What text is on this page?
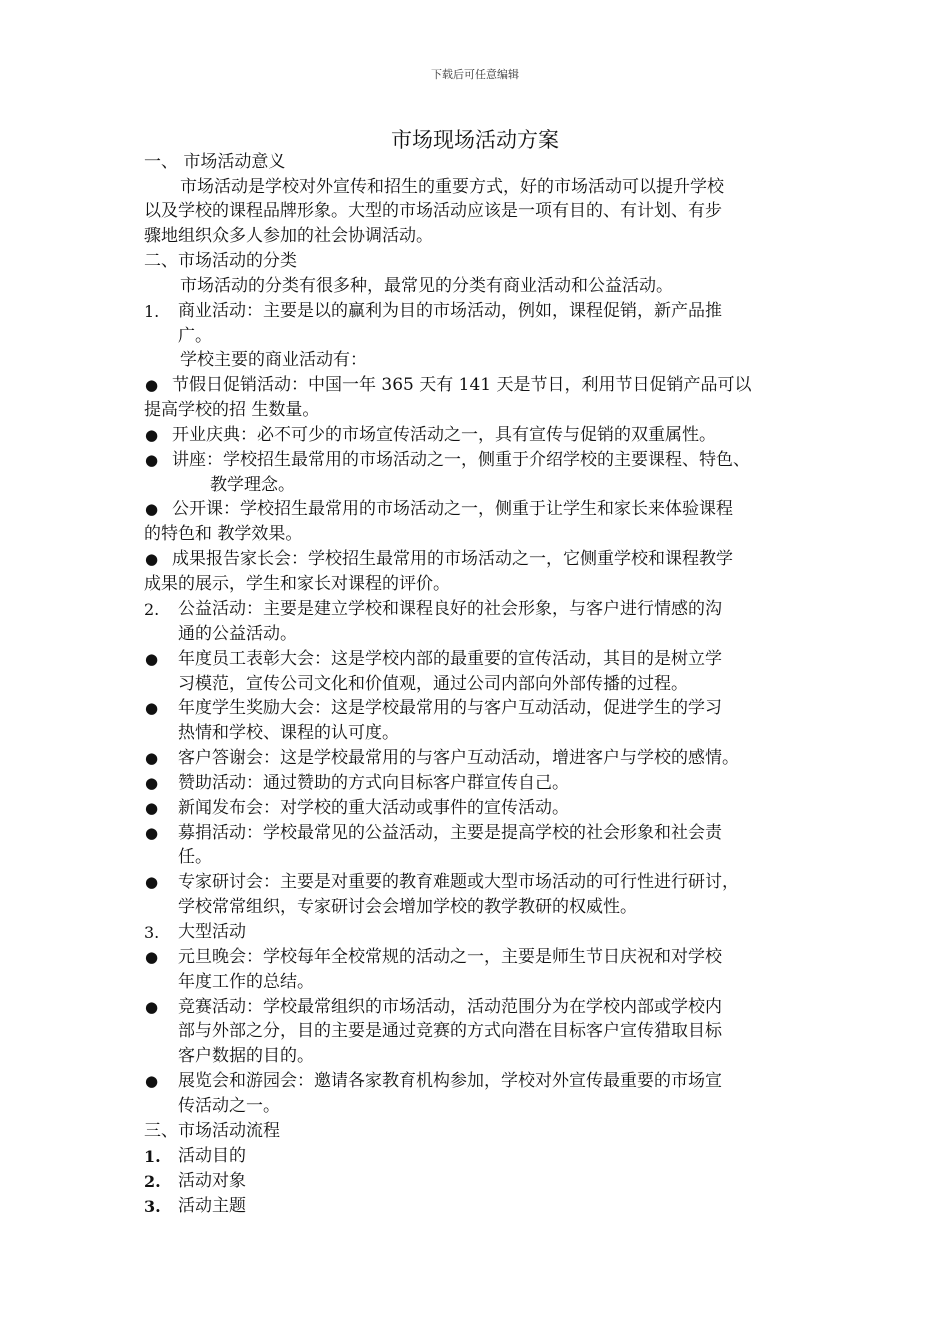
下载后可任意编辑
市场现场活动方案
一、 市场活动意义
市场活动是学校对外宣传和招生的重要方式，好的市场活动可以提升学校
以及学校的课程品牌形象。大型的市场活动应该是一项有目的、有计划、有步
骤地组织众多人参加的社会协调活动。
二、市场活动的分类
市场活动的分类有很多种，最常见的分类有商业活动和公益活动。
1. 商业活动：主要是以的赢利为目的市场活动，例如，课程促销，新产品推
广。
学校主要的商业活动有：
● 节假日促销活动：中国一年 365 天有 141 天是节日，利用节日促销产品可以
提高学校的招 生数量。
● 开业庆典：必不可少的市场宣传活动之一，具有宣传与促销的双重属性。
● 讲座：学校招生最常用的市场活动之一，侧重于介绍学校的主要课程、特色、
教学理念。
● 公开课：学校招生最常用的市场活动之一，侧重于让学生和家长来体验课程
的特色和 教学效果。
● 成果报告家长会：学校招生最常用的市场活动之一，它侧重学校和课程教学
成果的展示，学生和家长对课程的评价。
2. 公益活动：主要是建立学校和课程良好的社会形象，与客户进行情感的沟
通的公益活动。
● 年度员工表彰大会：这是学校内部的最重要的宣传活动，其目的是树立学
习模范，宣传公司文化和价值观，通过公司内部向外部传播的过程。
● 年度学生奖励大会：这是学校最常用的与客户互动活动，促进学生的学习
热情和学校、课程的认可度。
● 客户答谢会：这是学校最常用的与客户互动活动，增进客户与学校的感情。
● 赞助活动：通过赞助的方式向目标客户群宣传自己。
● 新闻发布会：对学校的重大活动或事件的宣传活动。
● 募捐活动：学校最常见的公益活动，主要是提高学校的社会形象和社会责
任。
● 专家研讨会：主要是对重要的教育难题或大型市场活动的可行性进行研讨，
学校常常组织，专家研讨会会增加学校的教学教研的权威性。
3. 大型活动
● 元旦晚会：学校每年全校常规的活动之一，主要是师生节日庆祝和对学校
年度工作的总结。
● 竞赛活动：学校最常组织的市场活动，活动范围分为在学校内部或学校内
部与外部之分，目的主要是通过竞赛的方式向潜在目标客户宣传猎取目标
客户数据的目的。
● 展览会和游园会：邀请各家教育机构参加，学校对外宣传最重要的市场宣
传活动之一。
三、市场活动流程
1. 活动目的
2. 活动对象
3. 活动主题
